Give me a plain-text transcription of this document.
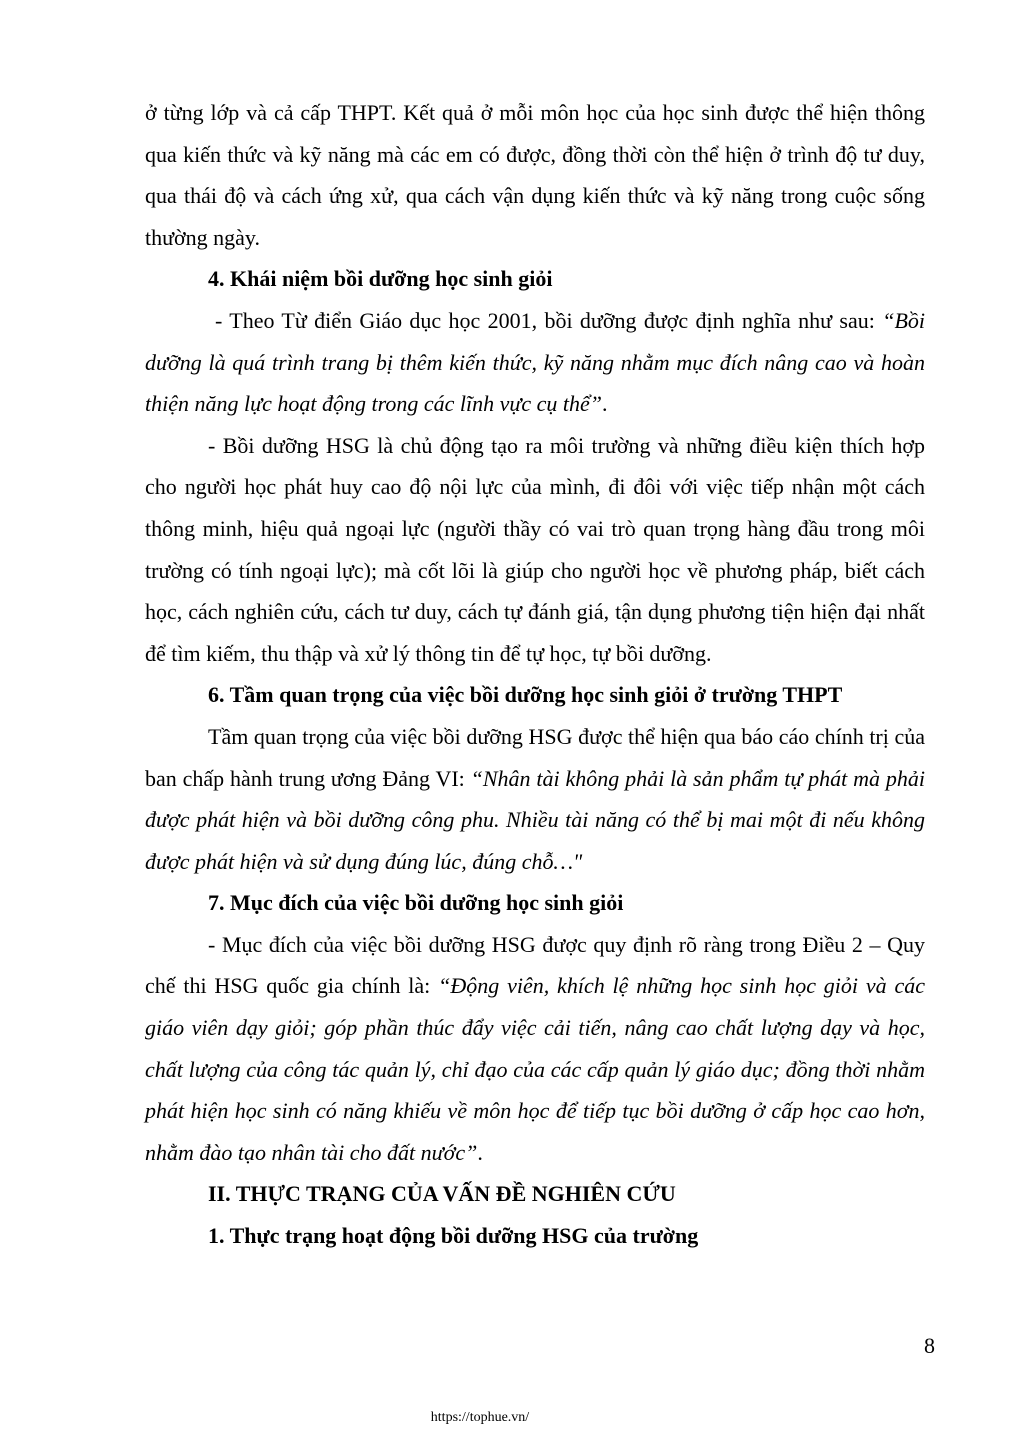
ở từng lớp và cả cấp THPT. Kết quả ở mỗi môn học của học sinh được thể hiện thông qua kiến thức và kỹ năng mà các em có được, đồng thời còn thể hiện ở trình độ tư duy, qua thái độ và cách ứng xử, qua cách vận dụng kiến thức và kỹ năng trong cuộc sống thường ngày.

4. Khái niệm bồi dưỡng học sinh giỏi

- Theo Từ điển Giáo dục học 2001, bồi dưỡng được định nghĩa như sau: “Bồi dưỡng là quá trình trang bị thêm kiến thức, kỹ năng nhằm mục đích nâng cao và hoàn thiện năng lực hoạt động trong các lĩnh vực cụ thể”.

- Bồi dưỡng HSG là chủ động tạo ra môi trường và những điều kiện thích hợp cho người học phát huy cao độ nội lực của mình, đi đôi với việc tiếp nhận một cách thông minh, hiệu quả ngoại lực (người thầy có vai trò quan trọng hàng đầu trong môi trường có tính ngoại lực); mà cốt lõi là giúp cho người học về phương pháp, biết cách học, cách nghiên cứu, cách tư duy, cách tự đánh giá, tận dụng phương tiện hiện đại nhất để tìm kiếm, thu thập và xử lý thông tin để tự học, tự bồi dưỡng.

6. Tầm quan trọng của việc bồi dưỡng học sinh giỏi ở trường THPT

Tầm quan trọng của việc bồi dưỡng HSG được thể hiện qua báo cáo chính trị của ban chấp hành trung ương Đảng VI: “Nhân tài không phải là sản phẩm tự phát mà phải được phát hiện và bồi dưỡng công phu. Nhiều tài năng có thể bị mai một đi nếu không được phát hiện và sử dụng đúng lúc, đúng chỗ…"

7. Mục đích của việc bồi dưỡng học sinh giỏi

- Mục đích của việc bồi dưỡng HSG được quy định rõ ràng trong Điều 2 – Quy chế thi HSG quốc gia chính là: “Động viên, khích lệ những học sinh học giỏi và các giáo viên dạy giỏi; góp phần thúc đẩy việc cải tiến, nâng cao chất lượng dạy và học, chất lượng của công tác quản lý, chỉ đạo của các cấp quản lý giáo dục; đồng thời nhằm phát hiện học sinh có năng khiếu về môn học để tiếp tục bồi dưỡng ở cấp học cao hơn, nhằm đào tạo nhân tài cho đất nước”.

II. THỰC TRẠNG CỦA VẤN ĐỀ NGHIÊN CỨU

1. Thực trạng hoạt động bồi dưỡng HSG của trường

8
https://tophue.vn/
